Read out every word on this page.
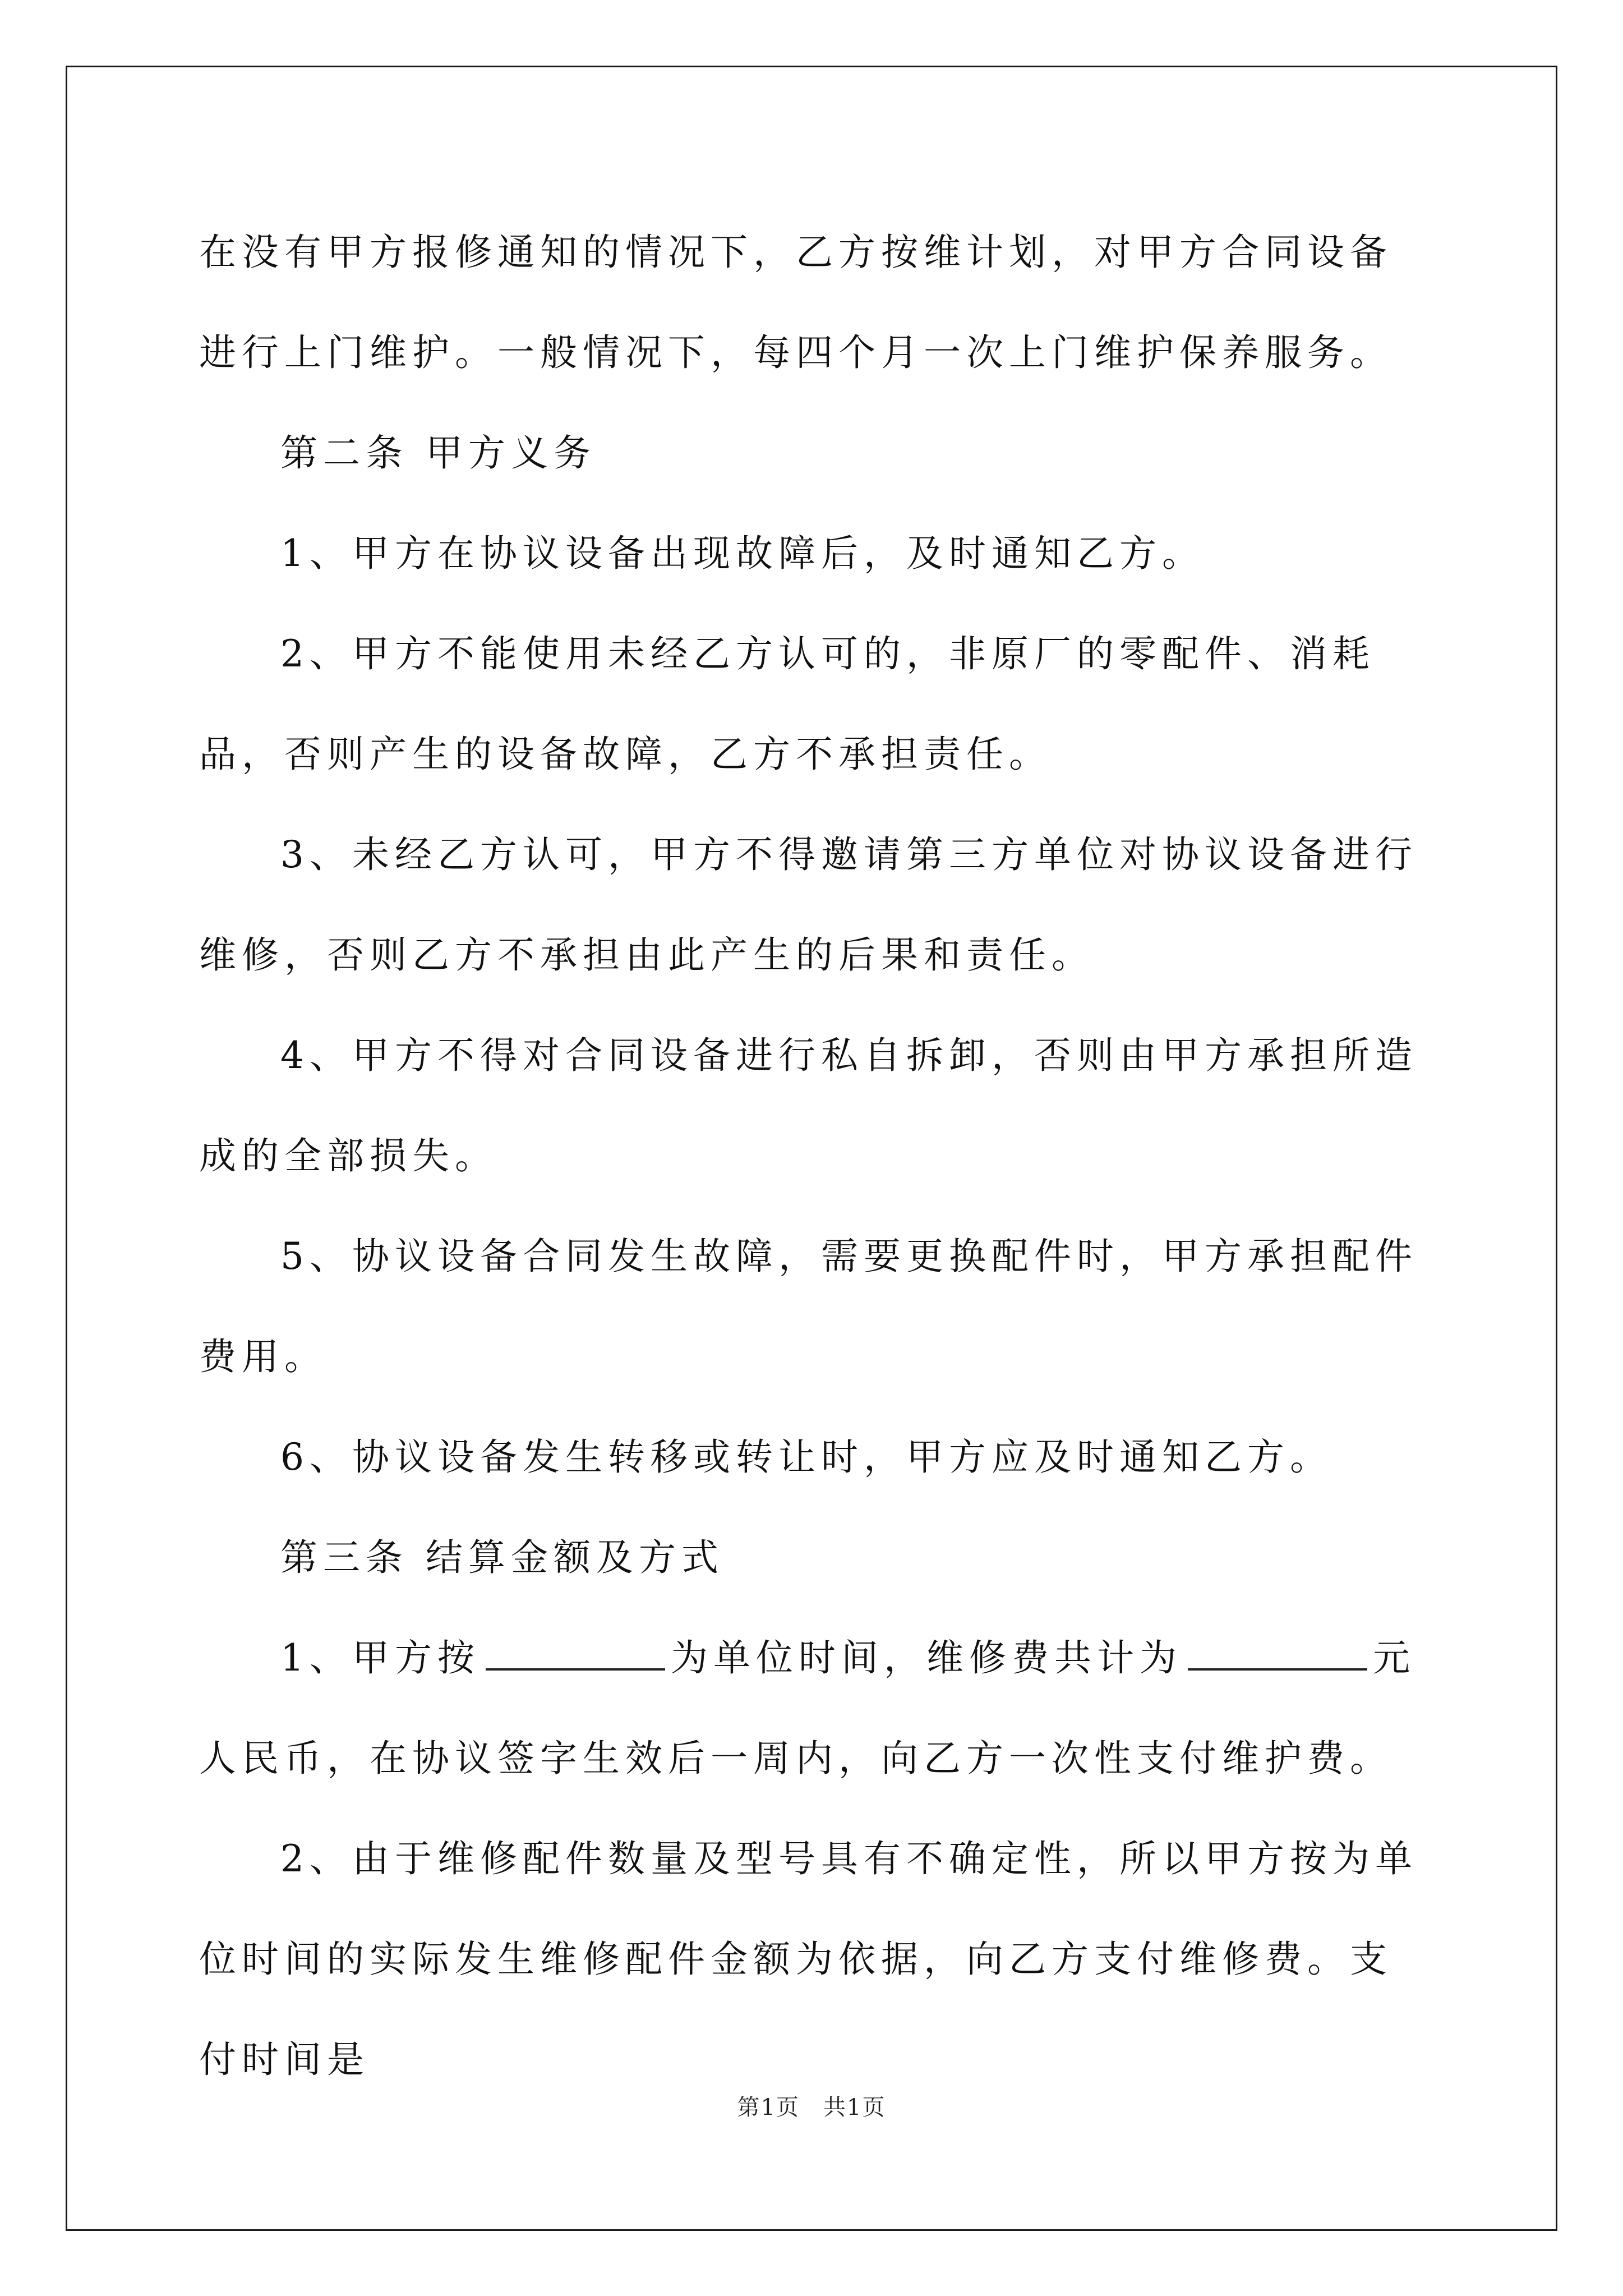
在没有甲方报修通知的情况下，乙方按维计划，对甲方合同设备进行上门维护。一般情况下，每四个月一次上门维护保养服务。

第二条 甲方义务

1、甲方在协议设备出现故障后，及时通知乙方。

2、甲方不能使用未经乙方认可的，非原厂的零配件、消耗品，否则产生的设备故障，乙方不承担责任。

3、未经乙方认可，甲方不得邀请第三方单位对协议设备进行维修，否则乙方不承担由此产生的后果和责任。

4、甲方不得对合同设备进行私自拆卸，否则由甲方承担所造成的全部损失。

5、协议设备合同发生故障，需要更换配件时，甲方承担配件费用。

6、协议设备发生转移或转让时，甲方应及时通知乙方。

第三条 结算金额及方式

1、甲方按	为单位时间，维修费共计为	元人民币，在协议签字生效后一周内，向乙方一次性支付维护费。

2、由于维修配件数量及型号具有不确定性，所以甲方按为单位时间的实际发生维修配件金额为依据，向乙方支付维修费。支付时间是

第1页　共1页
